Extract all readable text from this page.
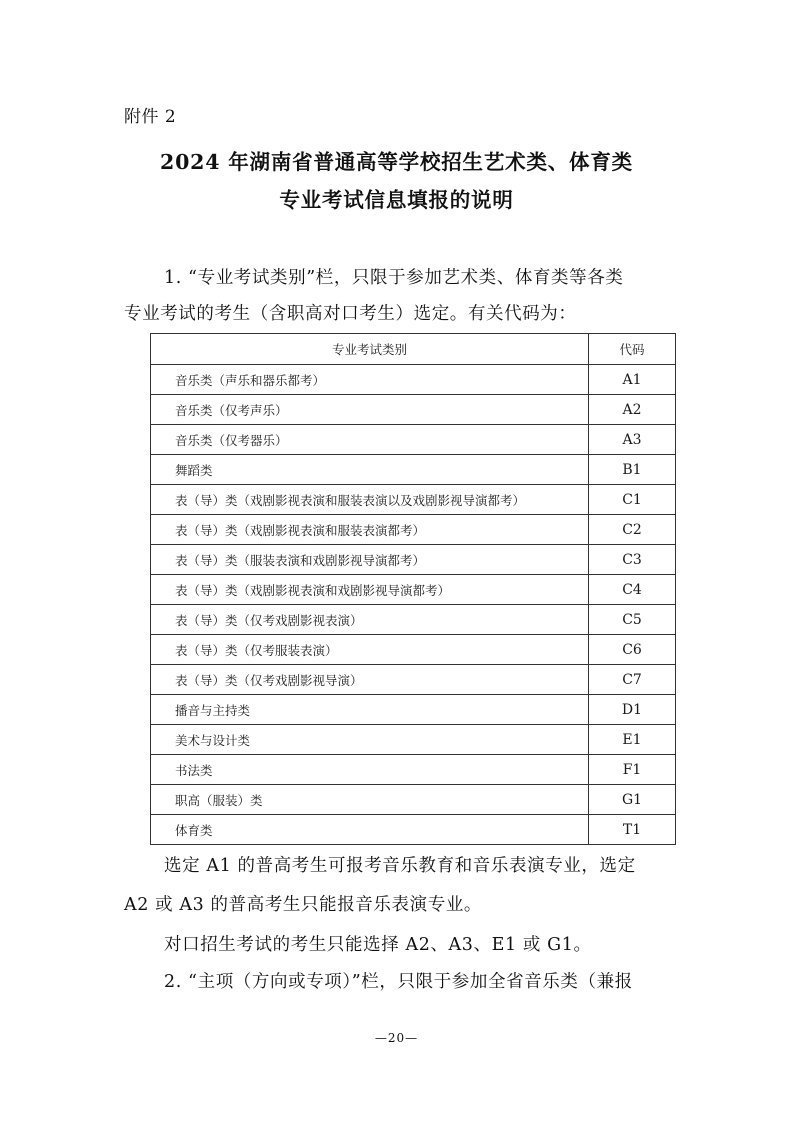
附件 2
2024 年湖南省普通高等学校招生艺术类、体育类
专业考试信息填报的说明
1. “专业考试类别”栏，只限于参加艺术类、体育类等各类
专业考试的考生（含职高对口考生）选定。有关代码为：
专业考试类别	代码
音乐类（声乐和器乐都考）	A1
音乐类（仅考声乐）	A2
音乐类（仅考器乐）	A3
舞蹈类	B1
表（导）类（戏剧影视表演和服装表演以及戏剧影视导演都考）	C1
表（导）类（戏剧影视表演和服装表演都考）	C2
表（导）类（服装表演和戏剧影视导演都考）	C3
表（导）类（戏剧影视表演和戏剧影视导演都考）	C4
表（导）类（仅考戏剧影视表演）	C5
表（导）类（仅考服装表演）	C6
表（导）类（仅考戏剧影视导演）	C7
播音与主持类	D1
美术与设计类	E1
书法类	F1
职高（服装）类	G1
体育类	T1
选定 A1 的普高考生可报考音乐教育和音乐表演专业，选定
A2 或 A3 的普高考生只能报音乐表演专业。
对口招生考试的考生只能选择 A2、A3、E1 或 G1。
2. “主项（方向或专项）”栏，只限于参加全省音乐类（兼报
—20—
